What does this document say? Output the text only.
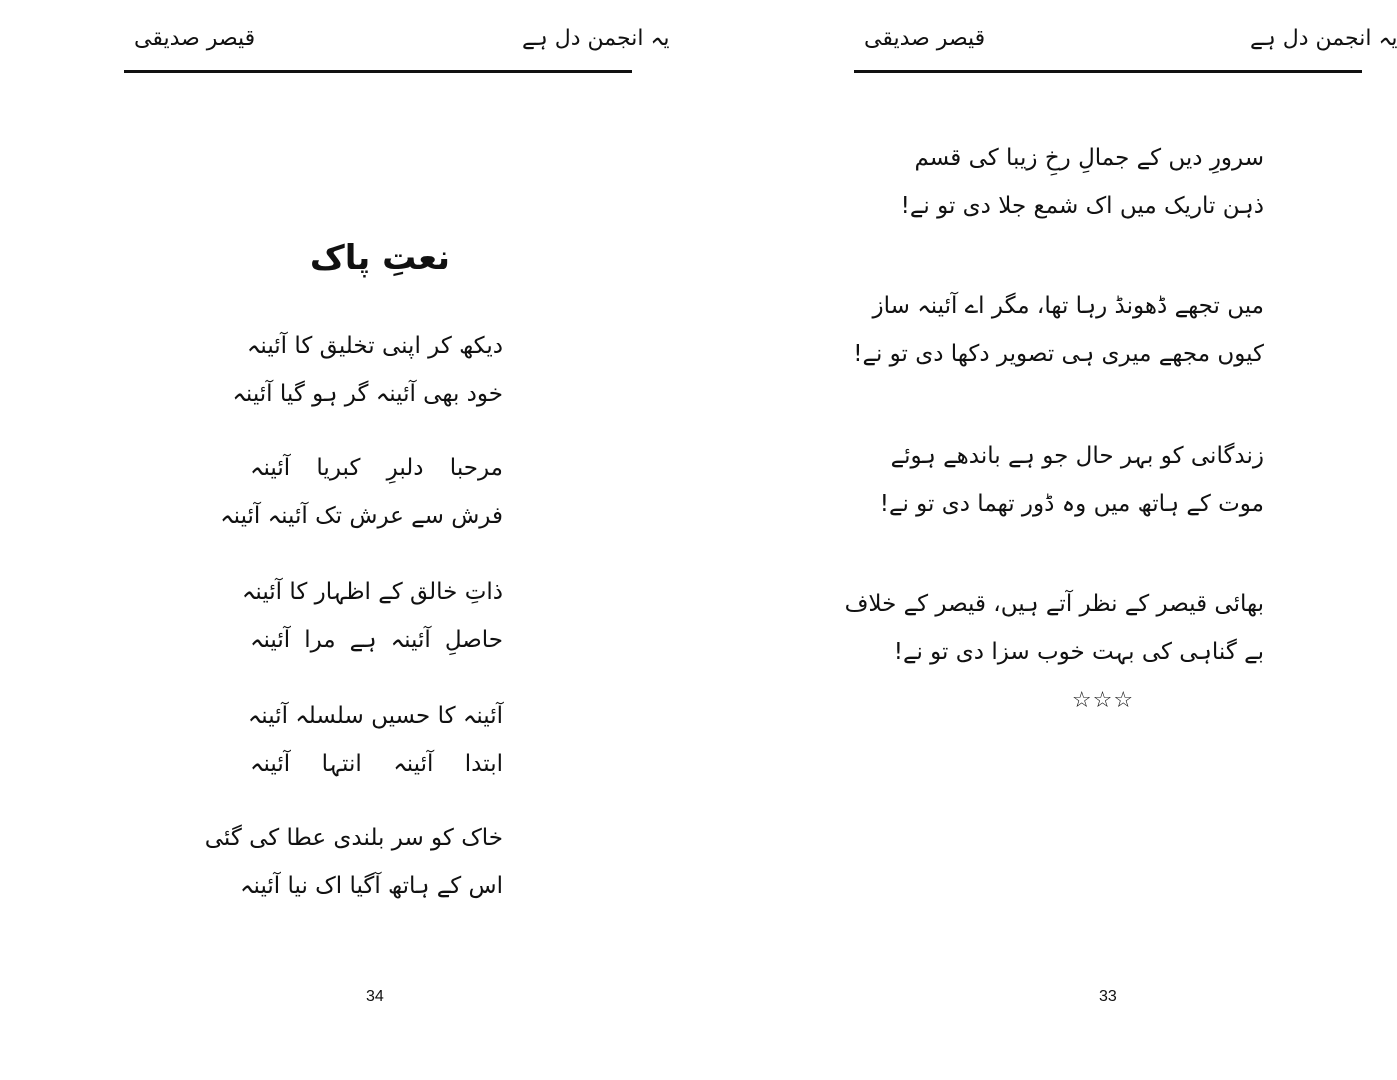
یہ انجمن دل ہے
قیصر صدیقی
نعتِ پاک
دیکھ کر اپنی تخلیق کا آئینہ
خود بھی آئینہ گر ہو گیا آئینہ
مرحبا دلبرِ کبریا آئینہ
فرش سے عرش تک آئینہ آئینہ
ذاتِ خالق کے اظہار کا آئینہ
حاصلِ آئینہ ہے مرا آئینہ
آئینہ کا حسیں سلسلہ آئینہ
ابتدا آئینہ انتہا آئینہ
خاک کو سر بلندی عطا کی گئی
اس کے ہاتھ آگیا اک نیا آئینہ
34
یہ انجمن دل ہے
قیصر صدیقی
سرورِ دیں کے جمالِ رخِ زیبا کی قسم
ذہن تاریک میں اک شمع جلا دی تو نے!
میں تجھے ڈھونڈ رہا تھا، مگر اے آئینہ ساز
کیوں مجھے میری ہی تصویر دکھا دی تو نے!
زندگانی کو بہر حال جو ہے باندھے ہوئے
موت کے ہاتھ میں وہ ڈور تھما دی تو نے!
بھائی قیصر کے نظر آتے ہیں، قیصر کے خلاف
بے گناہی کی بہت خوب سزا دی تو نے!
☆☆☆
33
